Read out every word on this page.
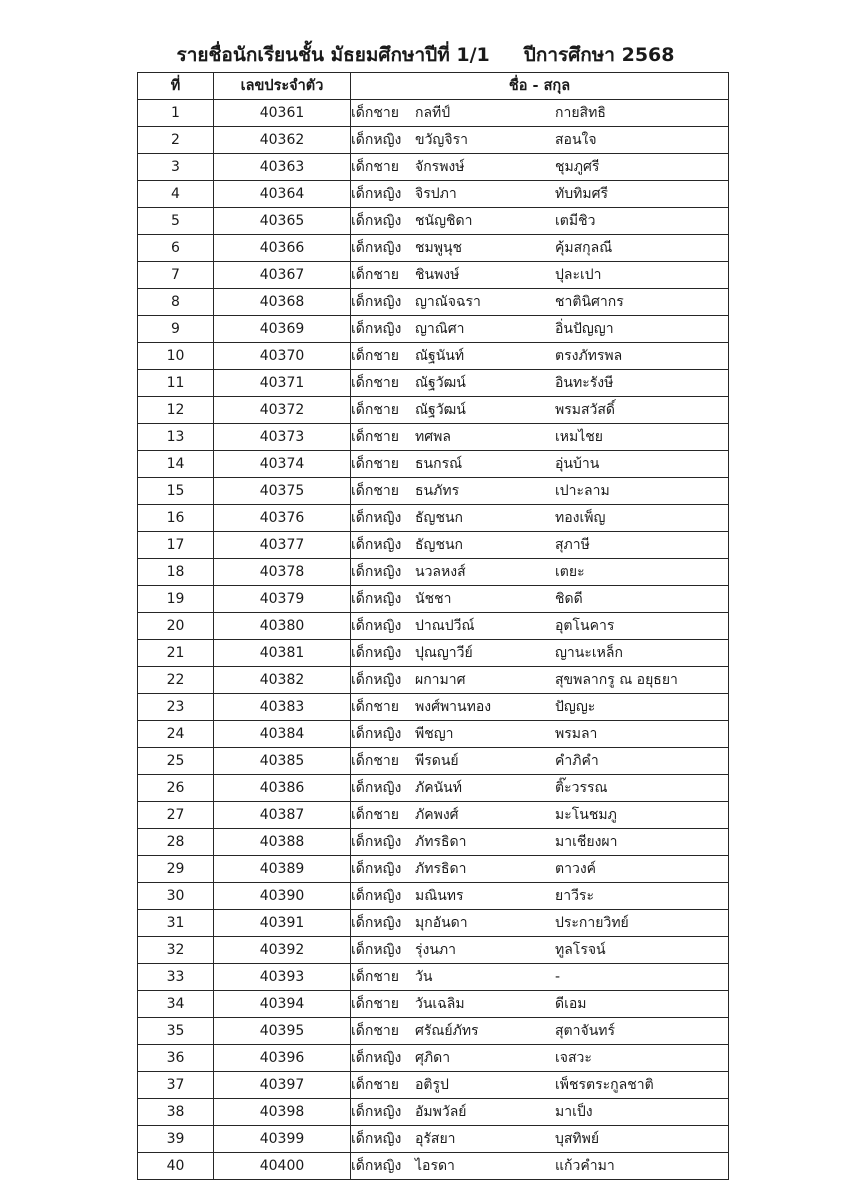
รายชื่อนักเรียนชั้น มัธยมศึกษาปีที่ 1/1 ปีการศึกษา 2568
ที่	เลขประจำตัว	ชื่อ - สกุล
1	40361	เด็กชาย กลทีป์ กายสิทธิ
2	40362	เด็กหญิง ขวัญจิรา สอนใจ
3	40363	เด็กชาย จักรพงษ์ ชุมภูศรี
4	40364	เด็กหญิง จิรปภา ทับทิมศรี
5	40365	เด็กหญิง ชนัญชิดา เตมีชิว
6	40366	เด็กหญิง ชมพูนุช คุ้มสกุลณี
7	40367	เด็กชาย ชินพงษ์ ปุละเปา
8	40368	เด็กหญิง ญาณัจฉรา ชาตินิศากร
9	40369	เด็กหญิง ญาณิศา อิ่นปัญญา
10	40370	เด็กชาย ณัฐนันท์ ตรงภัทรพล
11	40371	เด็กชาย ณัฐวัฒน์ อินทะรังษี
12	40372	เด็กชาย ณัฐวัฒน์ พรมสวัสดิ์
13	40373	เด็กชาย ทศพล เหมไชย
14	40374	เด็กชาย ธนกรณ์ อุ่นบ้าน
15	40375	เด็กชาย ธนภัทร เปาะลาม
16	40376	เด็กหญิง ธัญชนก ทองเพ็ญ
17	40377	เด็กหญิง ธัญชนก สุภาษี
18	40378	เด็กหญิง นวลหงส์ เตยะ
19	40379	เด็กหญิง นัชชา ชิดดี
20	40380	เด็กหญิง ปาณปวีณ์ อุตโนคาร
21	40381	เด็กหญิง ปุณญาวีย์ ญานะเหล็ก
22	40382	เด็กหญิง ผกามาศ สุขพลากรู ณ อยุธยา
23	40383	เด็กชาย พงศ์พานทอง ปัญญะ
24	40384	เด็กหญิง พีชญา พรมลา
25	40385	เด็กชาย พีรดนย์ คำภิคำ
26	40386	เด็กหญิง ภัคนันท์ ติ๊ะวรรณ
27	40387	เด็กชาย ภัคพงศ์ มะโนชมภู
28	40388	เด็กหญิง ภัทรธิดา มาเชียงผา
29	40389	เด็กหญิง ภัทรธิดา ตาวงค์
30	40390	เด็กหญิง มณินทร ยาวีระ
31	40391	เด็กหญิง มุกอันดา ประกายวิทย์
32	40392	เด็กหญิง รุ่งนภา ทูลโรจน์
33	40393	เด็กชาย วัน -
34	40394	เด็กชาย วันเฉลิม ดีเอม
35	40395	เด็กชาย ศรัณย์ภัทร สุตาจันทร์
36	40396	เด็กหญิง ศุภิดา เจสวะ
37	40397	เด็กชาย อติรูป เพ็ชรตระกูลชาติ
38	40398	เด็กหญิง อัมพวัลย์ มาเป็ง
39	40399	เด็กหญิง อุรัสยา บุสทิพย์
40	40400	เด็กหญิง ไอรดา แก้วคำมา
